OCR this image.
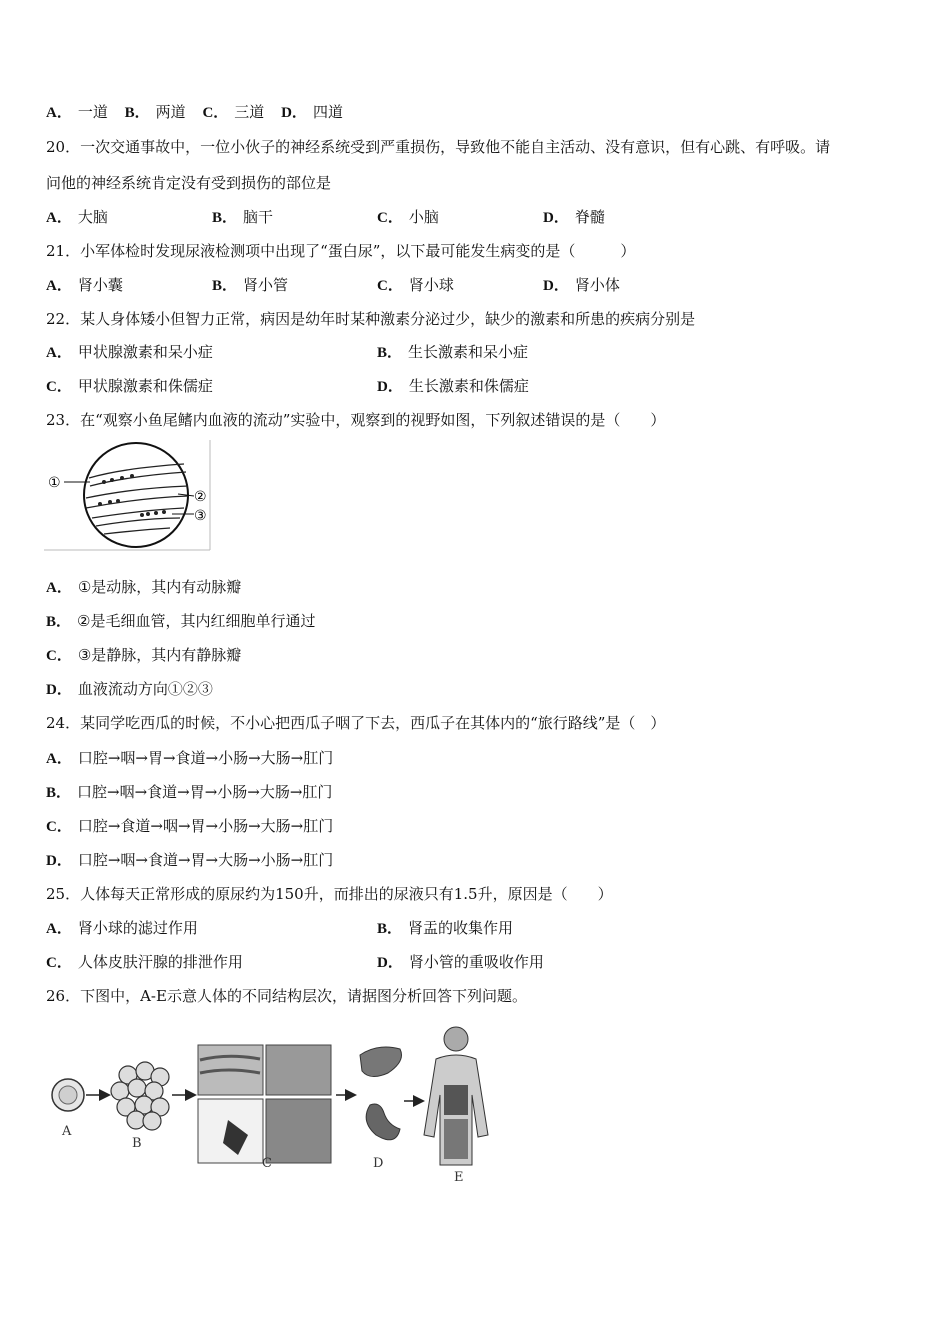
A． 一道 B． 两道 C． 三道 D． 四道
20．一次交通事故中，一位小伙子的神经系统受到严重损伤，导致他不能自主活动、没有意识，但有心跳、有呼吸。请
问他的神经系统肯定没有受到损伤的部位是
A． 大脑	B． 脑干	C． 小脑	D． 脊髓
21．小军体检时发现尿液检测项中出现了“蛋白尿”，以下最可能发生病变的是（　　　）
A． 肾小囊	B． 肾小管	C． 肾小球	D． 肾小体
22．某人身体矮小但智力正常，病因是幼年时某种激素分泌过少，缺少的激素和所患的疾病分别是
A． 甲状腺激素和呆小症	B． 生长激素和呆小症
C． 甲状腺激素和侏儒症	D． 生长激素和侏儒症
23．在“观察小鱼尾鳍内血液的流动”实验中，观察到的视野如图，下列叙述错误的是（　　）
①
②
③
A． ①是动脉，其内有动脉瓣
B． ②是毛细血管，其内红细胞单行通过
C． ③是静脉，其内有静脉瓣
D． 血液流动方向①②③
24．某同学吃西瓜的时候，不小心把西瓜子咽了下去，西瓜子在其体内的“旅行路线”是（　）
A． 口腔→咽→胃→食道→小肠→大肠→肛门
B． 口腔→咽→食道→胃→小肠→大肠→肛门
C． 口腔→食道→咽→胃→小肠→大肠→肛门
D． 口腔→咽→食道→胃→大肠→小肠→肛门
25．人体每天正常形成的原尿约为150升，而排出的尿液只有1.5升，原因是（　　）
A． 肾小球的滤过作用	B． 肾盂的收集作用
C． 人体皮肤汗腺的排泄作用	D． 肾小管的重吸收作用
26．下图中，A-E示意人体的不同结构层次，请据图分析回答下列问题。
A
B
C	D
E
